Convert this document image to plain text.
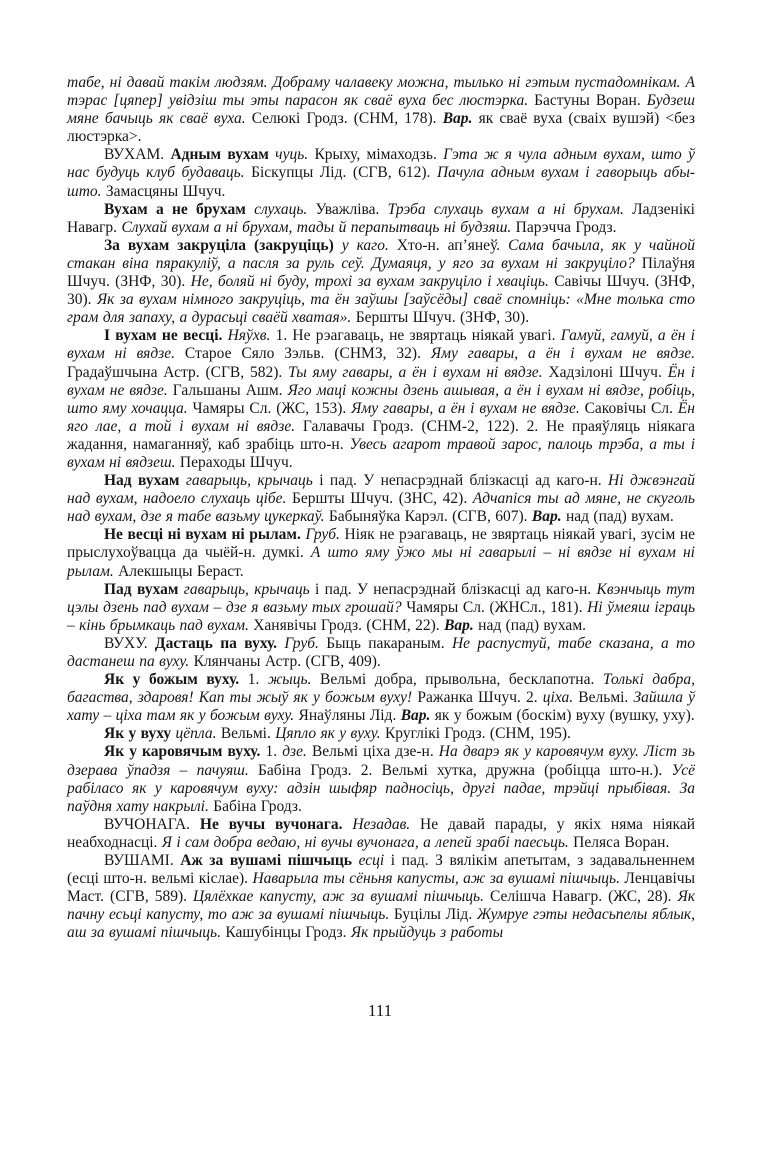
табе, ні давай такім людзям. Добраму чалавеку можна, тылько ні гэтым пустадомнікам. А тэрас [цяпер] увідзіш ты эты парасон як сваё вуха бес люстэрка. Бастуны Воран. Будзеш мяне бачыць як сваё вуха. Селюкі Гродз. (СНМ, 178). Вар. як сваё вуха (сваіх вушэй) <без люстэрка>.

ВУХАМ. Адным вухам чуць. Крыху, мімаходзь. Гэта ж я чула адным вухам, што ў нас будуць клуб будаваць. Біскупцы Лід. (СГВ, 612). Пачула адным вухам і гаворыць абы-што. Замасцяны Шчуч.

Вухам а не брухам слухаць. Уважліва. Трэба слухаць вухам а ні брухам. Ладзенікі Навагр. Слухай вухам а ні брухам, тады й перапытваць ні будзяш. Парэчча Гродз.

За вухам закруціла (закруціць) у каго. Хто-н. ап’янеў. Сама бачыла, як у чайной стакан віна пяракуліў, а пасля за руль сеў. Думаяця, у яго за вухам ні закруціло? Пілаўня Шчуч. (ЗНФ, 30). Не, боляй ні буду, трохі за вухам закруціло і хваціць. Савічы Шчуч. (ЗНФ, 30). Як за вухам німного закруціць, та ён заўшы [заўсёды] сваё спомніць: «Мне толька сто грам для запаху, а дурасьці сваёй хватая». Бершты Шчуч. (ЗНФ, 30).

І вухам не весці. Няўхв. 1. Не рэагаваць, не звяртаць ніякай увагі. Гамуй, гамуй, а ён і вухам ні вядзе. Старое Сяло Зэльв. (СНМЗ, 32). Яму гавары, а ён і вухам не вядзе. Градаўшчына Астр. (СГВ, 582). Ты яму гавары, а ён і вухам ні вядзе. Хадзілоні Шчуч. Ён і вухам не вядзе. Гальшаны Ашм. Яго маці кожны дзень ашывая, а ён і вухам ні вядзе, робіць, што яму хочацца. Чамяры Сл. (ЖС, 153). Яму гавары, а ён і вухам не вядзе. Саковічы Сл. Ён яго лае, а той і вухам ні вядзе. Галавачы Гродз. (СНМ-2, 122). 2. Не праяўляць ніякага жадання, намаганняў, каб зрабіць што-н. Увесь агарот травой зарос, палоць трэба, а ты і вухам ні вядзеш. Пераходы Шчуч.

Над вухам гаварыць, крычаць і пад. У непасрэднай блізкасці ад каго-н. Ні джвэнгай над вухам, надоело слухаць цібе. Бершты Шчуч. (ЗНС, 42). Адчапіся ты ад мяне, не скуголь над вухам, дзе я табе вазьму цукеркаў. Бабыняўка Карэл. (СГВ, 607). Вар. над (пад) вухам.

Не весці ні вухам ні рылам. Груб. Ніяк не рэагаваць, не звяртаць ніякай увагі, зусім не прыслухоўвацца да чыёй-н. думкі. А што яму ўжо мы ні гаварылі – ні вядзе ні вухам ні рылам. Алекшыцы Бераст.

Пад вухам гаварыць, крычаць і пад. У непасрэднай блізкасці ад каго-н. Квэнчыць тут цэлы дзень пад вухам – дзе я вазьму тых грошай? Чамяры Сл. (ЖНСл., 181). Ні ўмеяш іграць – кінь брымкаць пад вухам. Ханявічы Гродз. (СНМ, 22). Вар. над (пад) вухам.

ВУХУ. Дастаць па вуху. Груб. Быць пакараным. Не распустуй, табе сказана, а то дастанеш па вуху. Клянчаны Астр. (СГВ, 409).

Як у божым вуху. 1. жыць. Вельмі добра, прывольна, бесклапотна. Толькі дабра, багаства, здаровя! Кап ты жыў як у божым вуху! Ражанка Шчуч. 2. ціха. Вельмі. Зайшла ў хату – ціха там як у божым вуху. Янаўляны Лід. Вар. як у божым (боскім) вуху (вушку, уху).

Як у вуху цёпла. Вельмі. Цяпло як у вуху. Круглікі Гродз. (СНМ, 195).

Як у каровячым вуху. 1. дзе. Вельмі ціха дзе-н. На дварэ як у каровячум вуху. Ліст зь дзерава ўпадзя – пачуяш. Бабіна Гродз. 2. Вельмі хутка, дружна (робіцца што-н.). Усё рабіласо як у каровячум вуху: адзін шыфяр падносіць, другі падае, трэйці прыбівая. За паўдня хату накрылі. Бабіна Гродз.

ВУЧОНАГА. Не вучы вучонага. Незадав. Не давай парады, у якіх няма ніякай неабходнасці. Я і сам добра ведаю, ні вучы вучонага, а лепей зрабі паесьць. Пеляса Воран.

ВУШАМІ. Аж за вушамі пішчыць есці і пад. З вялікім апетытам, з задавальненнем (есці што-н. вельмі кіслае). Наварыла ты сёньня капусты, аж за вушамі пішчыць. Ленцавічы Маст. (СГВ, 589). Цялёхкае капусту, аж за вушамі пішчыць. Селішча Навагр. (ЖС, 28). Як пачну есьці капусту, то аж за вушамі пішчыць. Буцілы Лід. Жумруе гэты недасьпелы яблык, аш за вушамі пішчыць. Кашубінцы Гродз. Як прыйдуць з работы

111
